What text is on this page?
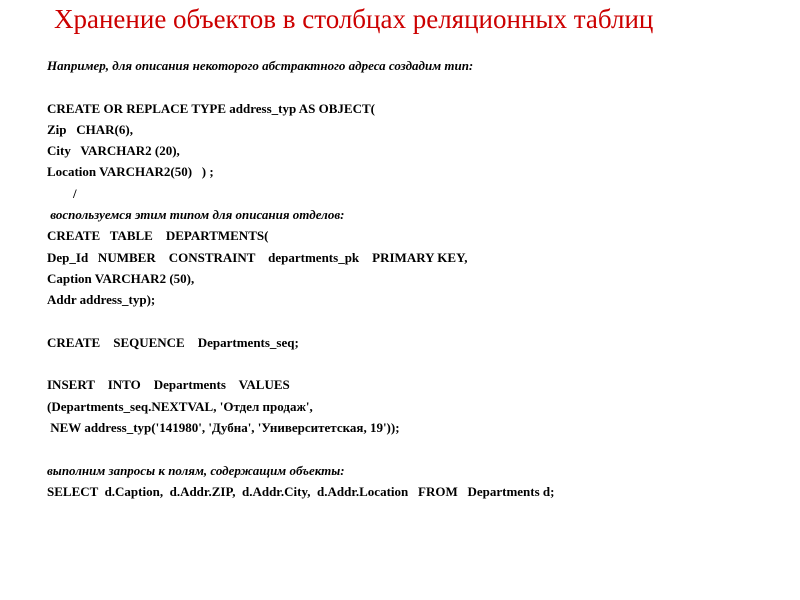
Хранение объектов в столбцах реляционных таблиц
Например, для описания некоторого абстрактного адреса создадим тип:
CREATE OR REPLACE TYPE address_typ AS OBJECT(
Zip   CHAR(6),
City   VARCHAR2 (20),
Location VARCHAR2(50)   ) ;
/
воспользуемся этим типом для описания отделов:
CREATE   TABLE    DEPARTMENTS(
Dep_Id   NUMBER    CONSTRAINT    departments_pk    PRIMARY KEY,
Caption VARCHAR2 (50),
Addr address_typ);
CREATE    SEQUENCE    Departments_seq;
INSERT    INTO    Departments    VALUES
(Departments_seq.NEXTVAL, 'Отдел продаж',
NEW address_typ('141980', 'Дубна', 'Университетская, 19'));
выполним запросы к полям, содержащим объекты:
SELECT  d.Caption,  d.Addr.ZIP,  d.Addr.City,  d.Addr.Location   FROM   Departments d;
